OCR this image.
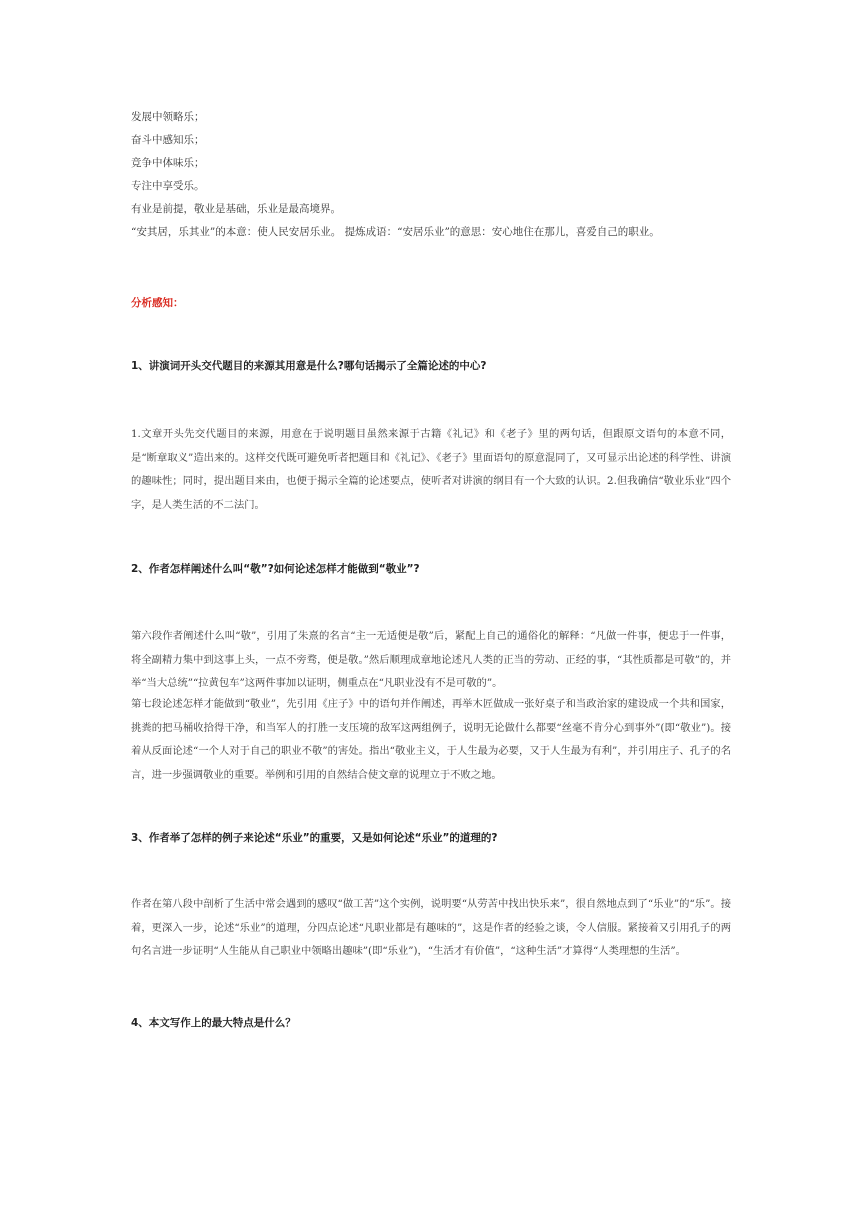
发展中领略乐；

奋斗中感知乐；

竞争中体味乐；

专注中享受乐。

有业是前提，敬业是基础，乐业是最高境界。

“安其居，乐其业”的本意：使人民安居乐业。 提炼成语：“安居乐业”的意思：安心地住在那儿，喜爱自己的职业。

分析感知：
1、讲演词开头交代题目的来源其用意是什么?哪句话揭示了全篇论述的中心?

1.文章开头先交代题目的来源，用意在于说明题目虽然来源于古籍《礼记》和《老子》里的两句话，但跟原文语句的本意不同，是“断章取义”造出来的。这样交代既可避免听者把题目和《礼记》、《老子》里面语句的原意混同了，又可显示出论述的科学性、讲演的趣味性；同时，提出题目来由，也便于揭示全篇的论述要点，使听者对讲演的纲目有一个大致的认识。2.但我确信“敬业乐业”四个字，是人类生活的不二法门。

2、作者怎样阐述什么叫“敬”?如何论述怎样才能做到“敬业”?

第六段作者阐述什么叫“敬”，引用了朱熹的名言“主一无适便是敬”后，紧配上自己的通俗化的解释：“凡做一件事，便忠于一件事，将全副精力集中到这事上头，一点不旁骛，便是敬。”然后顺理成章地论述凡人类的正当的劳动、正经的事，“其性质都是可敬”的，并举“当大总统”“拉黄包车”这两件事加以证明，侧重点在“凡职业没有不是可敬的”。

第七段论述怎样才能做到“敬业”，先引用《庄子》中的语句并作阐述，再举木匠做成一张好桌子和当政治家的建设成一个共和国家，挑粪的把马桶收拾得干净，和当军人的打胜一支压境的敌军这两组例子，说明无论做什么都要“丝毫不肯分心到事外”(即“敬业”)。接着从反面论述“一个人对于自己的职业不敬”的害处。指出“敬业主义，于人生最为必要，又于人生最为有利”，并引用庄子、孔子的名言，进一步强调敬业的重要。举例和引用的自然结合使文章的说理立于不败之地。

3、作者举了怎样的例子来论述“乐业”的重要，又是如何论述“乐业”的道理的?

作者在第八段中剖析了生活中常会遇到的感叹“做工苦”这个实例，说明要“从劳苦中找出快乐来”，很自然地点到了“乐业”的“乐”。接着，更深入一步，论述“乐业”的道理，分四点论述“凡职业都是有趣味的”，这是作者的经验之谈，令人信服。紧接着又引用孔子的两句名言进一步证明“人生能从自己职业中领略出趣味”(即“乐业”)，“生活才有价值”，“这种生活”才算得“人类理想的生活”。

4、本文写作上的最大特点是什么？
